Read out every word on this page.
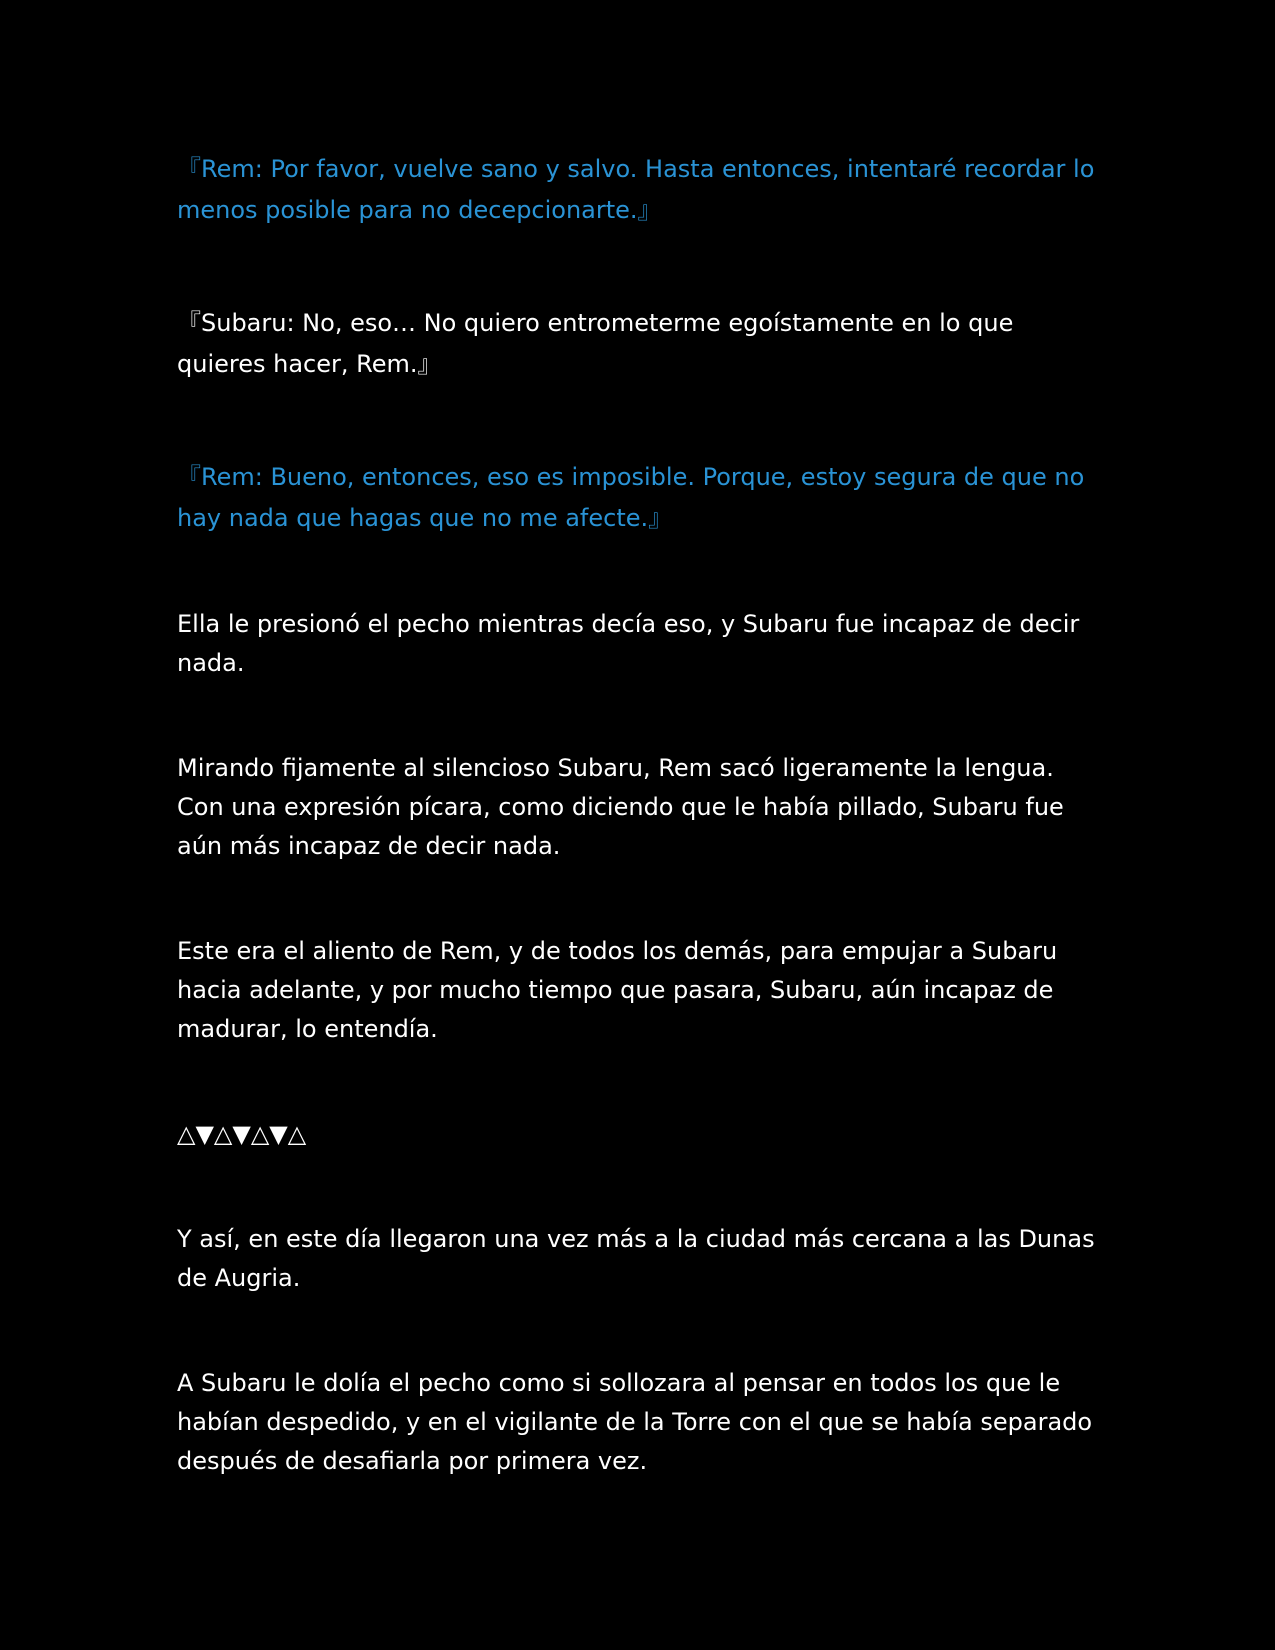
『Rem: Por favor, vuelve sano y salvo. Hasta entonces, intentaré recordar lo menos posible para no decepcionarte.』

『Subaru: No, eso… No quiero entrometerme egoístamente en lo que quieres hacer, Rem.』

『Rem: Bueno, entonces, eso es imposible. Porque, estoy segura de que no hay nada que hagas que no me afecte.』

Ella le presionó el pecho mientras decía eso, y Subaru fue incapaz de decir nada.

Mirando fijamente al silencioso Subaru, Rem sacó ligeramente la lengua. Con una expresión pícara, como diciendo que le había pillado, Subaru fue aún más incapaz de decir nada.

Este era el aliento de Rem, y de todos los demás, para empujar a Subaru hacia adelante, y por mucho tiempo que pasara, Subaru, aún incapaz de madurar, lo entendía.

△▼△▼△▼△

Y así, en este día llegaron una vez más a la ciudad más cercana a las Dunas de Augria.

A Subaru le dolía el pecho como si sollozara al pensar en todos los que le habían despedido, y en el vigilante de la Torre con el que se había separado después de desafiarla por primera vez.
